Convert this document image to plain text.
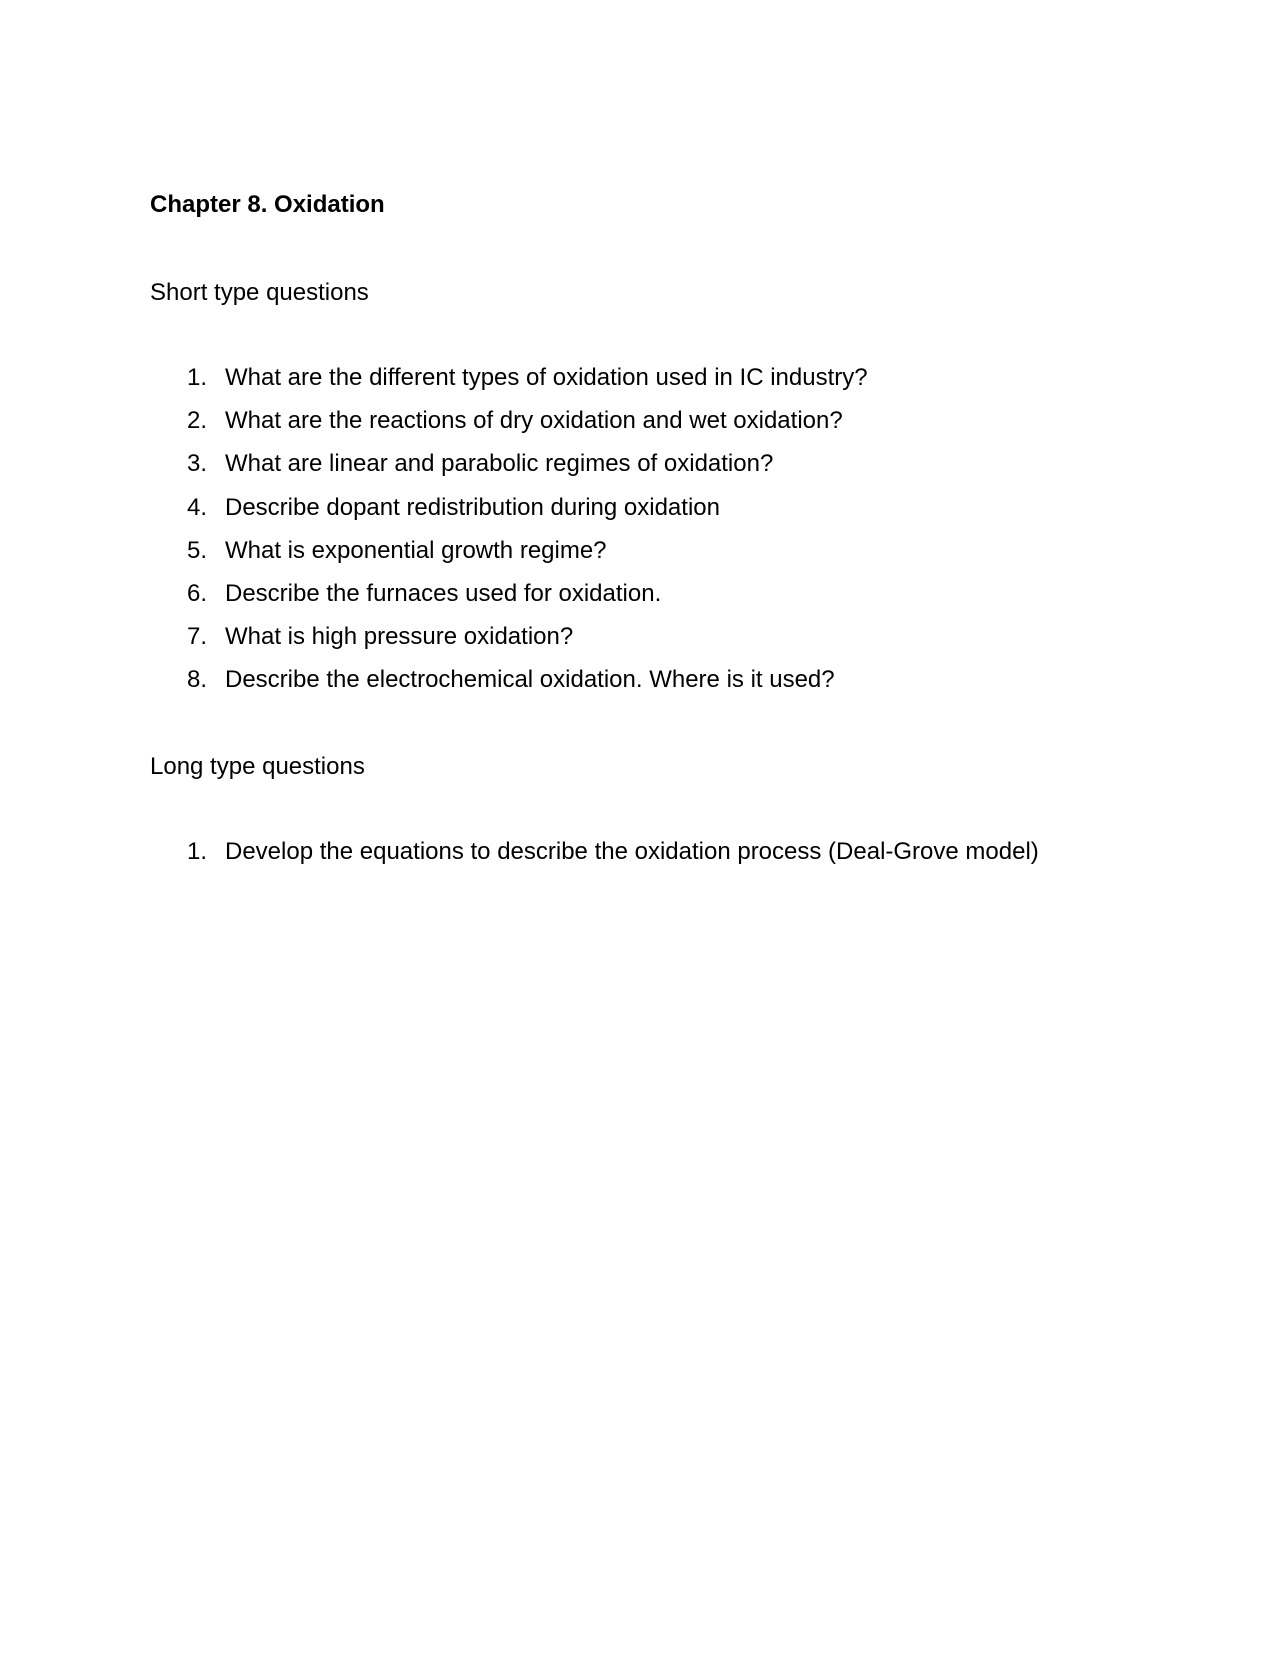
Chapter 8. Oxidation
Short type questions
1. What are the different types of oxidation used in IC industry?
2. What are the reactions of dry oxidation and wet oxidation?
3. What are linear and parabolic regimes of oxidation?
4. Describe dopant redistribution during oxidation
5. What is exponential growth regime?
6. Describe the furnaces used for oxidation.
7. What is high pressure oxidation?
8. Describe the electrochemical oxidation. Where is it used?
Long type questions
1. Develop the equations to describe the oxidation process (Deal-Grove model)
